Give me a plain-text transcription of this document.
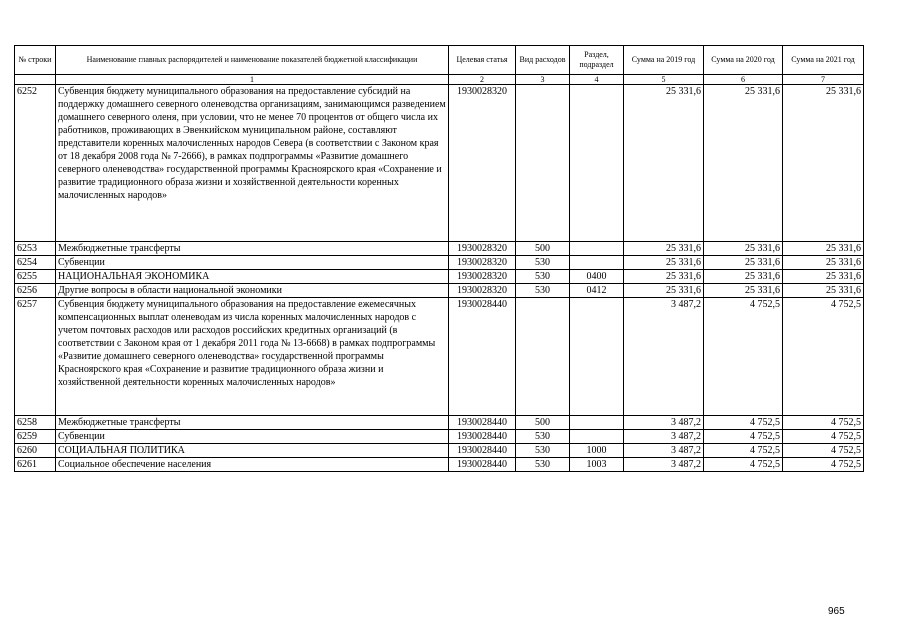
№ строки	Наименование главных распорядителей и наименование показателей бюджетной классификации	Целевая статья	Вид расходов	Раздел, подраздел	Сумма на 2019 год	Сумма на 2020 год	Сумма на 2021 год
	1	2	3	4	5	6	7
6252	Субвенция бюджету муниципального образования на предоставление субсидий на поддержку домашнего северного оленеводства организациям, занимающимся разведением домашнего северного оленя, при условии, что не менее 70 процентов от общего числа их работников, проживающих в Эвенкийском муниципальном районе, составляют представители коренных малочисленных народов Севера (в соответствии с Законом края от 18 декабря 2008 года № 7-2666), в рамках подпрограммы «Развитие домашнего северного оленеводства» государственной программы Красноярского края «Сохранение и развитие традиционного образа жизни и хозяйственной деятельности коренных малочисленных народов»	1930028320			25 331,6	25 331,6	25 331,6
6253	Межбюджетные трансферты	1930028320	500		25 331,6	25 331,6	25 331,6
6254	Субвенции	1930028320	530		25 331,6	25 331,6	25 331,6
6255	НАЦИОНАЛЬНАЯ ЭКОНОМИКА	1930028320	530	0400	25 331,6	25 331,6	25 331,6
6256	Другие вопросы в области национальной экономики	1930028320	530	0412	25 331,6	25 331,6	25 331,6
6257	Субвенция бюджету муниципального образования на предоставление ежемесячных компенсационных выплат оленеводам из числа коренных малочисленных народов с учетом почтовых расходов или расходов российских кредитных организаций (в соответствии с Законом края от 1 декабря 2011 года № 13-6668) в рамках подпрограммы «Развитие домашнего северного оленеводства» государственной программы Красноярского края «Сохранение и развитие традиционного образа жизни и хозяйственной деятельности коренных малочисленных народов»	1930028440			3 487,2	4 752,5	4 752,5
6258	Межбюджетные трансферты	1930028440	500		3 487,2	4 752,5	4 752,5
6259	Субвенции	1930028440	530		3 487,2	4 752,5	4 752,5
6260	СОЦИАЛЬНАЯ ПОЛИТИКА	1930028440	530	1000	3 487,2	4 752,5	4 752,5
6261	Социальное обеспечение населения	1930028440	530	1003	3 487,2	4 752,5	4 752,5
965
